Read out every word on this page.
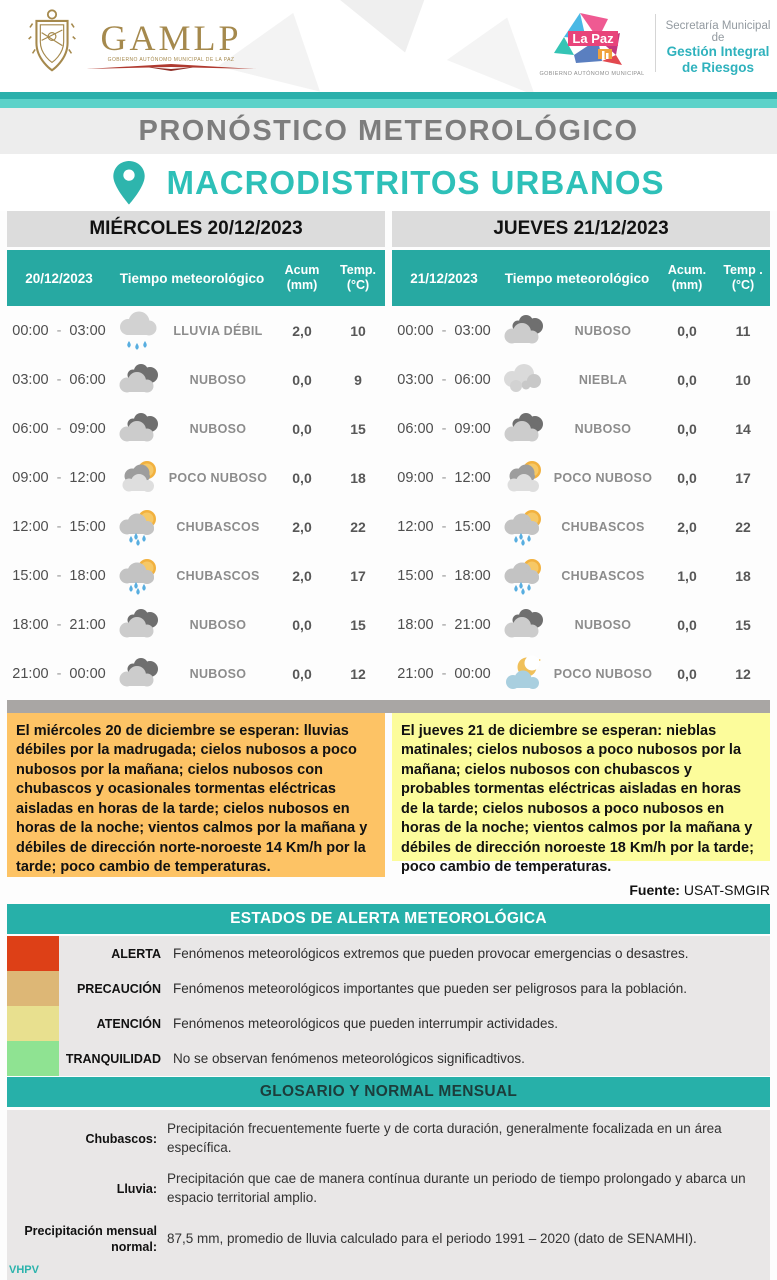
GAMLP
GOBIERNO AUTÓNOMO MUNICIPAL DE LA PAZ
La Paz
GOBIERNO AUTÓNOMO MUNICIPAL
Secretaría Municipal de
Gestión Integral
de Riesgos
PRONÓSTICO METEOROLÓGICO
MACRODISTRITOS URBANOS
MIÉRCOLES 20/12/2023	JUEVES 21/12/2023
20/12/2023	Tiempo meteorológico
Acum
(mm)
Temp.
(°C)
00:00 - 03:00	LLUVIA DÉBIL	2,0	10
03:00 - 06:00	NUBOSO	0,0	9
06:00 - 09:00	NUBOSO	0,0	15
09:00 - 12:00	POCO NUBOSO	0,0	18
12:00 - 15:00	CHUBASCOS	2,0	22
15:00 - 18:00	CHUBASCOS	2,0	17
18:00 - 21:00	NUBOSO	0,0	15
21:00 - 00:00	NUBOSO	0,0	12
21/12/2023	Tiempo meteorológico
Acum.
(mm)
Temp .
(°C)
00:00 - 03:00	NUBOSO	0,0	11
03:00 - 06:00	NIEBLA	0,0	10
06:00 - 09:00	NUBOSO	0,0	14
09:00 - 12:00	POCO NUBOSO	0,0	17
12:00 - 15:00	CHUBASCOS	2,0	22
15:00 - 18:00	CHUBASCOS	1,0	18
18:00 - 21:00	NUBOSO	0,0	15
21:00 - 00:00	POCO NUBOSO	0,0	12
El miércoles 20 de diciembre se esperan: lluvias débiles por la madrugada; cielos nubosos a poco nubosos por la mañana; cielos nubosos con chubascos y ocasionales tormentas eléctricas aisladas en horas de la tarde; cielos nubosos en horas de la noche; vientos calmos por la mañana y débiles de dirección norte-noroeste 14 Km/h por la tarde; poco cambio de temperaturas.
El jueves 21 de diciembre se esperan: nieblas matinales; cielos nubosos a poco nubosos por la mañana; cielos nubosos con chubascos y probables tormentas eléctricas aisladas en horas de la tarde; cielos nubosos a poco nubosos en horas de la noche; vientos calmos por la mañana y débiles de dirección noroeste 18 Km/h por la tarde; poco cambio de temperaturas.
Fuente: USAT-SMGIR
ESTADOS DE ALERTA METEOROLÓGICA
ALERTA Fenómenos meteorológicos extremos que pueden provocar emergencias o desastres.
PRECAUCIÓN Fenómenos meteorológicos importantes que pueden ser peligrosos para la población.
ATENCIÓN Fenómenos meteorológicos que pueden interrumpir actividades.
TRANQUILIDAD No se observan fenómenos meteorológicos significadtivos.
GLOSARIO Y NORMAL MENSUAL
Chubascos:
Precipitación frecuentemente fuerte y de corta duración, generalmente focalizada en un área específica.
Lluvia:
Precipitación que cae de manera contínua durante un periodo de tiempo prolongado y abarca un espacio territorial amplio.
Precipitación mensual normal:
87,5 mm, promedio de lluvia calculado para el periodo 1991 – 2020 (dato de SENAMHI).
VHPV
